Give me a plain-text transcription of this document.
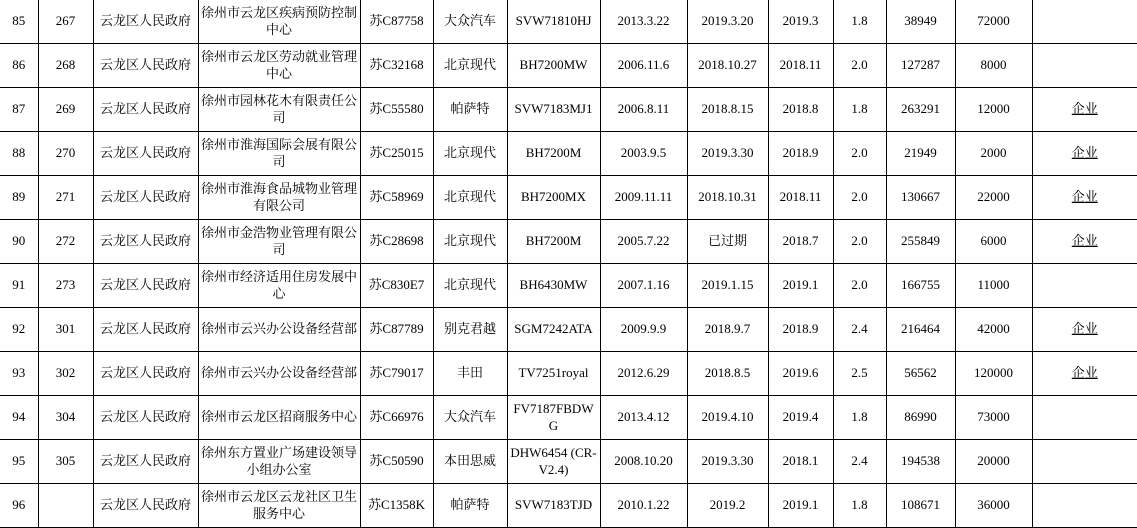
85	267	云龙区人民政府	徐州市云龙区疾病预防控制中心	苏C87758	大众汽车	SVW71810HJ	2013.3.22	2019.3.20	2019.3	1.8	38949	72000	
86	268	云龙区人民政府	徐州市云龙区劳动就业管理中心	苏C32168	北京现代	BH7200MW	2006.11.6	2018.10.27	2018.11	2.0	127287	8000	
87	269	云龙区人民政府	徐州市园林花木有限责任公司	苏C55580	帕萨特	SVW7183MJ1	2006.8.11	2018.8.15	2018.8	1.8	263291	12000	企业
88	270	云龙区人民政府	徐州市淮海国际会展有限公司	苏C25015	北京现代	BH7200M	2003.9.5	2019.3.30	2018.9	2.0	21949	2000	企业
89	271	云龙区人民政府	徐州市淮海食品城物业管理有限公司	苏C58969	北京现代	BH7200MX	2009.11.11	2018.10.31	2018.11	2.0	130667	22000	企业
90	272	云龙区人民政府	徐州市金浩物业管理有限公司	苏C28698	北京现代	BH7200M	2005.7.22	已过期	2018.7	2.0	255849	6000	企业
91	273	云龙区人民政府	徐州市经济适用住房发展中心	苏C830E7	北京现代	BH6430MW	2007.1.16	2019.1.15	2019.1	2.0	166755	11000	
92	301	云龙区人民政府	徐州市云兴办公设备经营部	苏C87789	别克君越	SGM7242ATA	2009.9.9	2018.9.7	2018.9	2.4	216464	42000	企业
93	302	云龙区人民政府	徐州市云兴办公设备经营部	苏C79017	丰田	TV7251royal	2012.6.29	2018.8.5	2019.6	2.5	56562	120000	企业
94	304	云龙区人民政府	徐州市云龙区招商服务中心	苏C66976	大众汽车	FV7187FBDWG	2013.4.12	2019.4.10	2019.4	1.8	86990	73000	
95	305	云龙区人民政府	徐州东方置业广场建设领导小组办公室	苏C50590	本田思威	DHW6454 (CR-V2.4)	2008.10.20	2019.3.30	2018.1	2.4	194538	20000	
96		云龙区人民政府	徐州市云龙区云龙社区卫生服务中心	苏C1358K	帕萨特	SVW7183TJD	2010.1.22	2019.2	2019.1	1.8	108671	36000	
